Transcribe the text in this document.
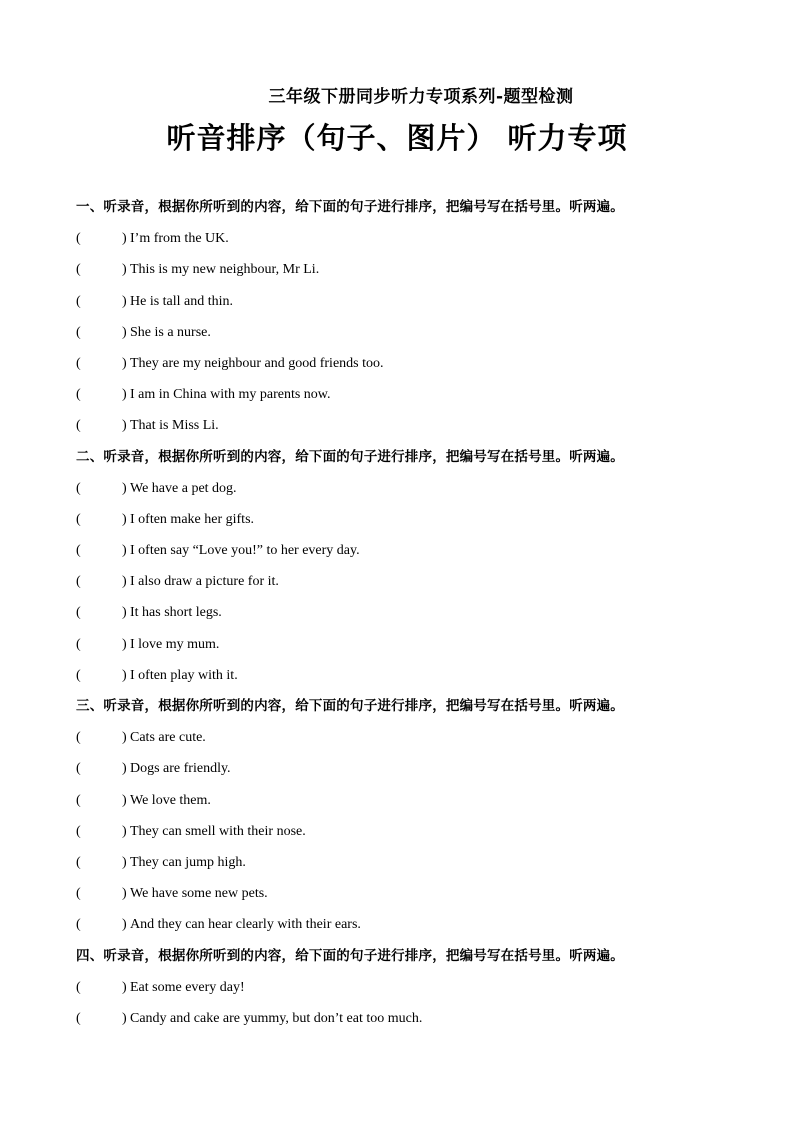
三年级下册同步听力专项系列-题型检测
听音排序（句子、图片） 听力专项
一、听录音，根据你所听到的内容，给下面的句子进行排序，把编号写在括号里。听两遍。
(	) I’m from the UK.
(	) This is my new neighbour, Mr Li.
(	) He is tall and thin.
(	) She is a nurse.
(	) They are my neighbour and good friends too.
(	) I am in China with my parents now.
(	) That is Miss Li.
二、听录音，根据你所听到的内容，给下面的句子进行排序，把编号写在括号里。听两遍。
(	) We have a pet dog.
(	) I often make her gifts.
(	) I often say “Love you!” to her every day.
(	) I also draw a picture for it.
(	) It has short legs.
(	) I love my mum.
(	) I often play with it.
三、听录音，根据你所听到的内容，给下面的句子进行排序，把编号写在括号里。听两遍。
(	) Cats are cute.
(	) Dogs are friendly.
(	) We love them.
(	) They can smell with their nose.
(	) They can jump high.
(	) We have some new pets.
(	) And they can hear clearly with their ears.
四、听录音，根据你所听到的内容，给下面的句子进行排序，把编号写在括号里。听两遍。
(	) Eat some every day!
(	) Candy and cake are yummy, but don’t eat too much.
